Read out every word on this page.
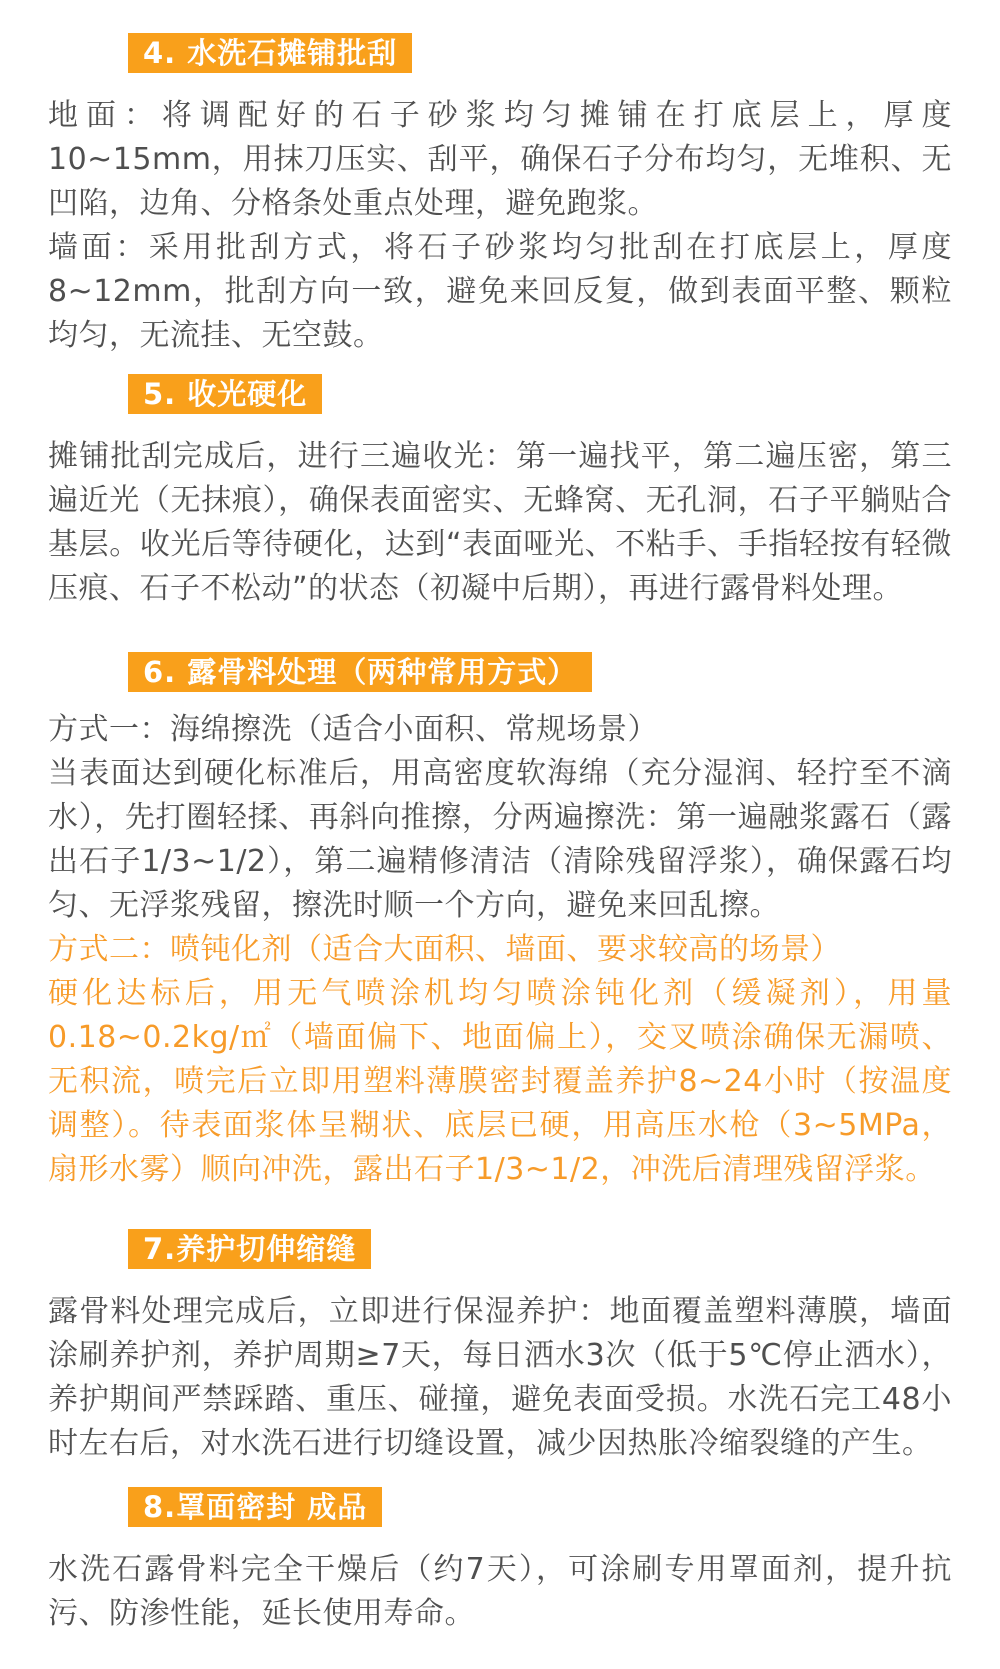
4. 水洗石摊铺批刮

地面：将调配好的石子砂浆均匀摊铺在打底层上，厚度10~15mm，用抹刀压实、刮平，确保石子分布均匀，无堆积、无凹陷，边角、分格条处重点处理，避免跑浆。

墙面：采用批刮方式，将石子砂浆均匀批刮在打底层上，厚度8~12mm，批刮方向一致，避免来回反复，做到表面平整、颗粒均匀，无流挂、无空鼓。

5. 收光硬化

摊铺批刮完成后，进行三遍收光：第一遍找平，第二遍压密，第三遍近光（无抹痕），确保表面密实、无蜂窝、无孔洞，石子平躺贴合基层。收光后等待硬化，达到“表面哑光、不粘手、手指轻按有轻微压痕、石子不松动”的状态（初凝中后期），再进行露骨料处理。

6. 露骨料处理（两种常用方式）

方式一：海绵擦洗（适合小面积、常规场景）

当表面达到硬化标准后，用高密度软海绵（充分湿润、轻拧至不滴水），先打圈轻揉、再斜向推擦，分两遍擦洗：第一遍融浆露石（露出石子1/3~1/2），第二遍精修清洁（清除残留浮浆），确保露石均匀、无浮浆残留，擦洗时顺一个方向，避免来回乱擦。

方式二：喷钝化剂（适合大面积、墙面、要求较高的场景）

硬化达标后，用无气喷涂机均匀喷涂钝化剂（缓凝剂），用量0.18~0.2kg/㎡（墙面偏下、地面偏上），交叉喷涂确保无漏喷、无积流，喷完后立即用塑料薄膜密封覆盖养护8~24小时（按温度调整）。待表面浆体呈糊状、底层已硬，用高压水枪（3~5MPa，扇形水雾）顺向冲洗，露出石子1/3~1/2，冲洗后清理残留浮浆。

7.养护切伸缩缝

露骨料处理完成后，立即进行保湿养护：地面覆盖塑料薄膜，墙面涂刷养护剂，养护周期≥7天，每日洒水3次（低于5℃停止洒水），养护期间严禁踩踏、重压、碰撞，避免表面受损。水洗石完工48小时左右后，对水洗石进行切缝设置，减少因热胀冷缩裂缝的产生。

8.罩面密封 成品

水洗石露骨料完全干燥后（约7天），可涂刷专用罩面剂，提升抗污、防渗性能，延长使用寿命。
